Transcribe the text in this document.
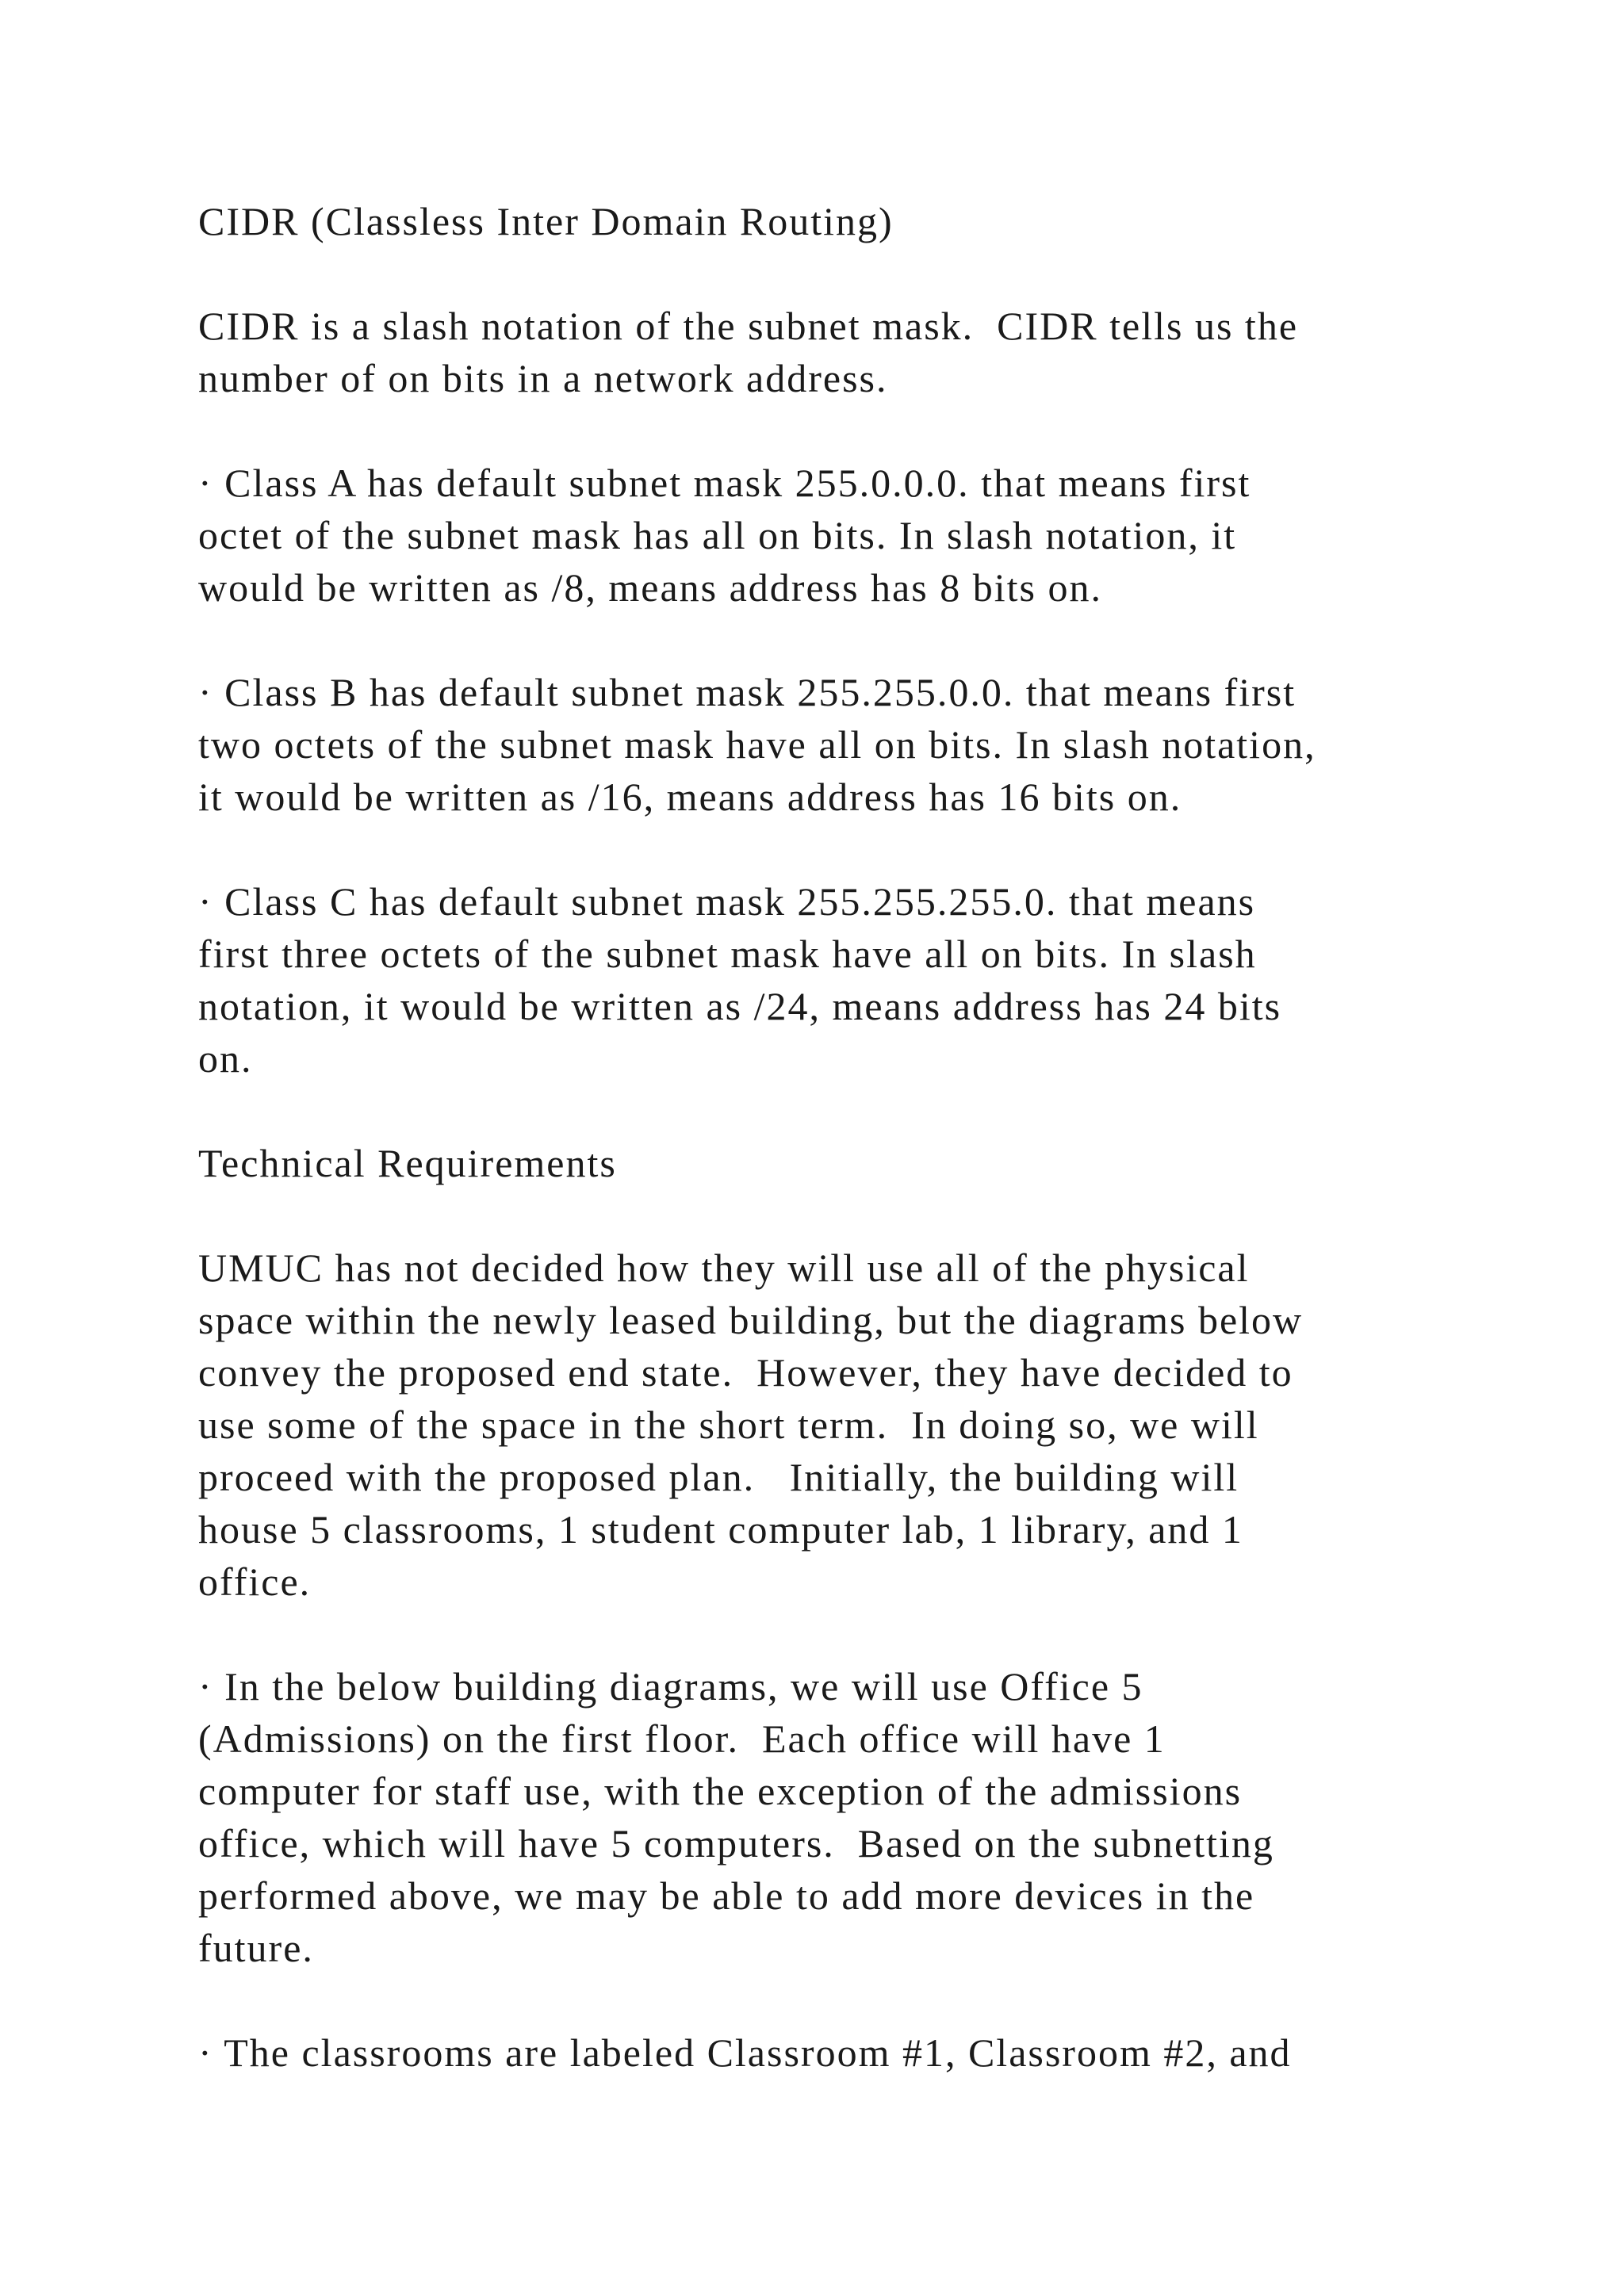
CIDR (Classless Inter Domain Routing)

CIDR is a slash notation of the subnet mask.  CIDR tells us the
number of on bits in a network address.

· Class A has default subnet mask 255.0.0.0. that means first
octet of the subnet mask has all on bits. In slash notation, it
would be written as /8, means address has 8 bits on.

· Class B has default subnet mask 255.255.0.0. that means first
two octets of the subnet mask have all on bits. In slash notation,
it would be written as /16, means address has 16 bits on.

· Class C has default subnet mask 255.255.255.0. that means
first three octets of the subnet mask have all on bits. In slash
notation, it would be written as /24, means address has 24 bits
on.

Technical Requirements

UMUC has not decided how they will use all of the physical
space within the newly leased building, but the diagrams below
convey the proposed end state.  However, they have decided to
use some of the space in the short term.  In doing so, we will
proceed with the proposed plan.   Initially, the building will
house 5 classrooms, 1 student computer lab, 1 library, and 1
office.

· In the below building diagrams, we will use Office 5
(Admissions) on the first floor.  Each office will have 1
computer for staff use, with the exception of the admissions
office, which will have 5 computers.  Based on the subnetting
performed above, we may be able to add more devices in the
future.

· The classrooms are labeled Classroom #1, Classroom #2, and
